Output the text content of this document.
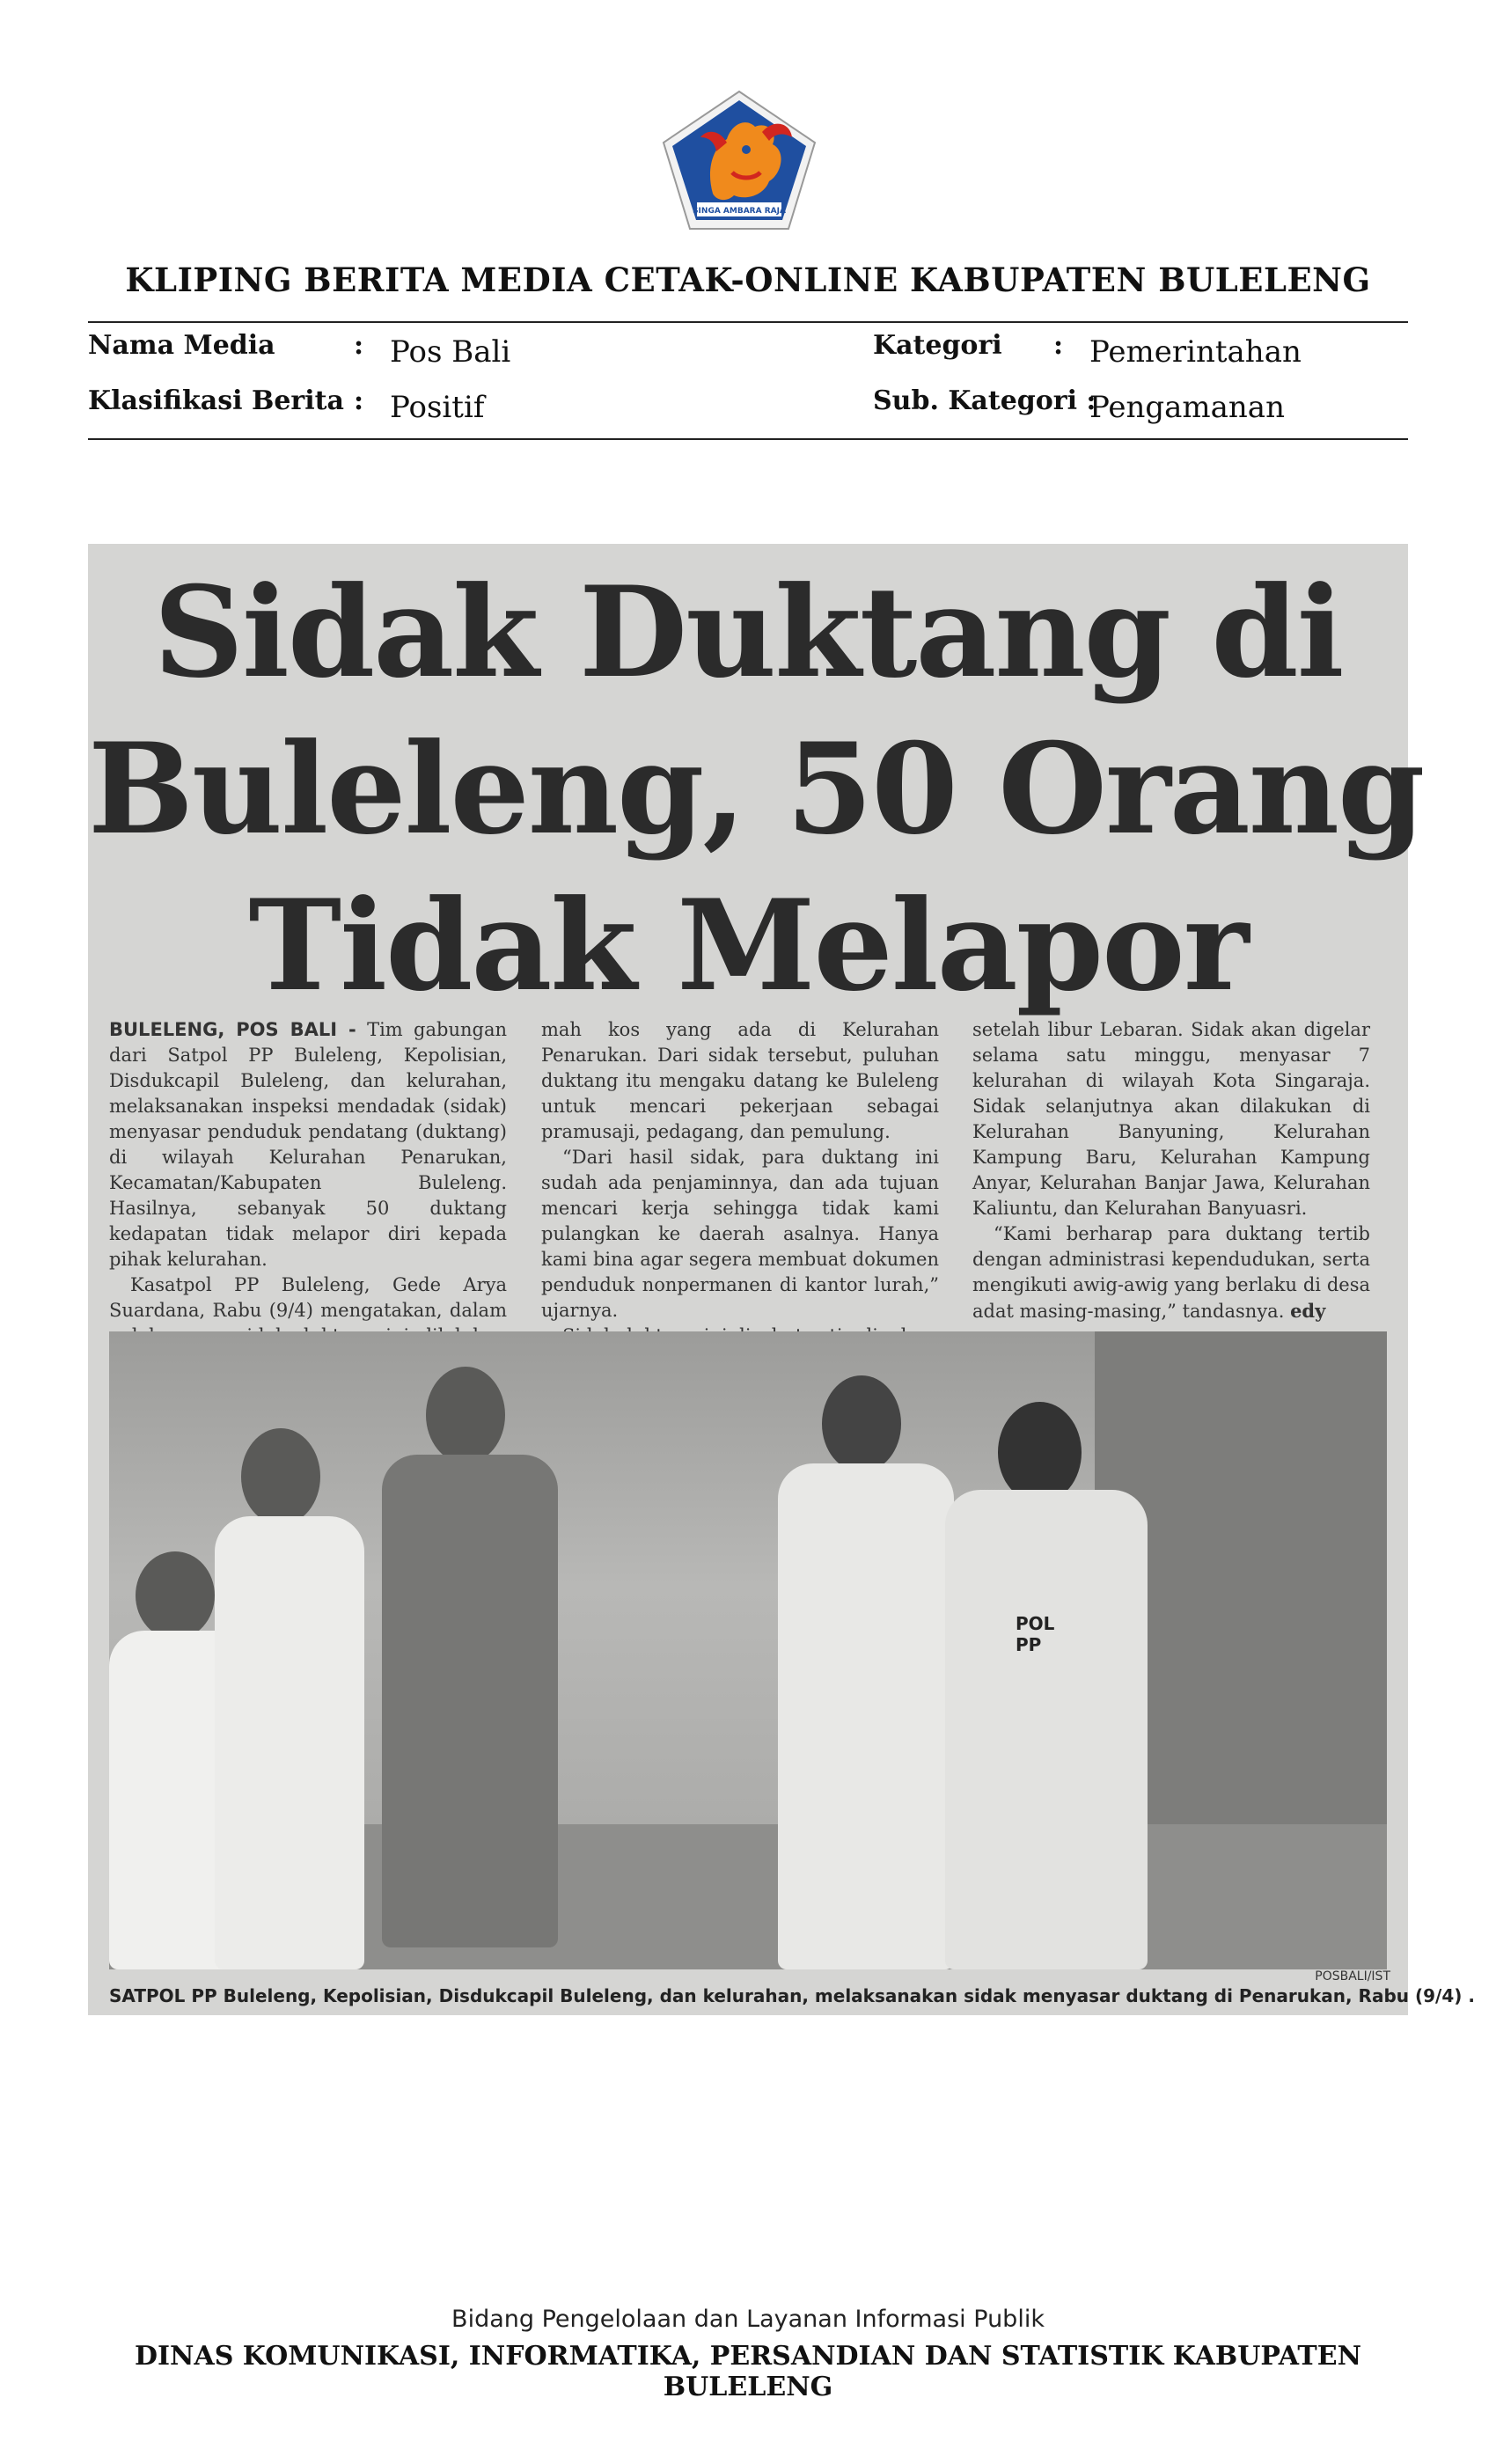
SINGA AMBARA RAJA
KLIPING BERITA MEDIA CETAK-ONLINE KABUPATEN BULELENG
Nama Media	: Pos Bali
Klasifikasi Berita : Positif
Kategori : Pemerintahan
Sub. Kategori :
Pengamanan
Sidak Duktang di
Buleleng, 50 Orang
Tidak Melapor

BULELENG, POS BALI - Tim gabungan dari Satpol PP Buleleng, Kepolisian, Disdukcapil Buleleng, dan kelurahan, melaksanakan inspeksi mendadak (sidak) menyasar penduduk pendatang (duktang) di wilayah Kelurahan Penarukan, Kecamatan/Kabupaten Buleleng. Hasilnya, sebanyak 50 duktang kedapatan tidak melapor diri kepada pihak kelurahan.

Kasatpol PP Buleleng, Gede Arya Suardana, Rabu (9/4) mengatakan, dalam

mah kos yang ada di Kelurahan Penarukan. Dari sidak tersebut, puluhan duktang itu mengaku datang ke Buleleng untuk mencari pekerjaan sebagai pramusaji, pedagang, dan pemulung.

“Dari hasil sidak, para duktang ini sudah ada penjaminnya, dan ada tujuan mencari kerja sehingga tidak kami pulangkan ke daerah asalnya. Hanya kami bina agar segera membuat dokumen penduduk nonpermanen di kantor lurah,” ujarnya.

setelah libur Lebaran. Sidak akan digelar selama satu minggu, menyasar 7 kelurahan di wilayah Kota Singaraja. Sidak selanjutnya akan dilakukan di Kelurahan Banyuning, Kelurahan Kampung Baru, Kelurahan Kampung Anyar, Kelurahan Banjar Jawa, Kelurahan Kaliuntu, dan Kelurahan Banyuasri.

“Kami berharap para duktang tertib dengan administrasi kependudukan, serta mengikuti awig-awig yang berlaku di desa adat masing-masing,” tandasnya. edy

POL PP
POSBALI/IST
SATPOL PP Buleleng, Kepolisian, Disdukcapil Buleleng, dan kelurahan, melaksanakan sidak menyasar duktang di Penarukan, Rabu (9/4) .
Bidang Pengelolaan dan Layanan Informasi Publik
DINAS KOMUNIKASI, INFORMATIKA, PERSANDIAN DAN STATISTIK KABUPATEN BULELENG
